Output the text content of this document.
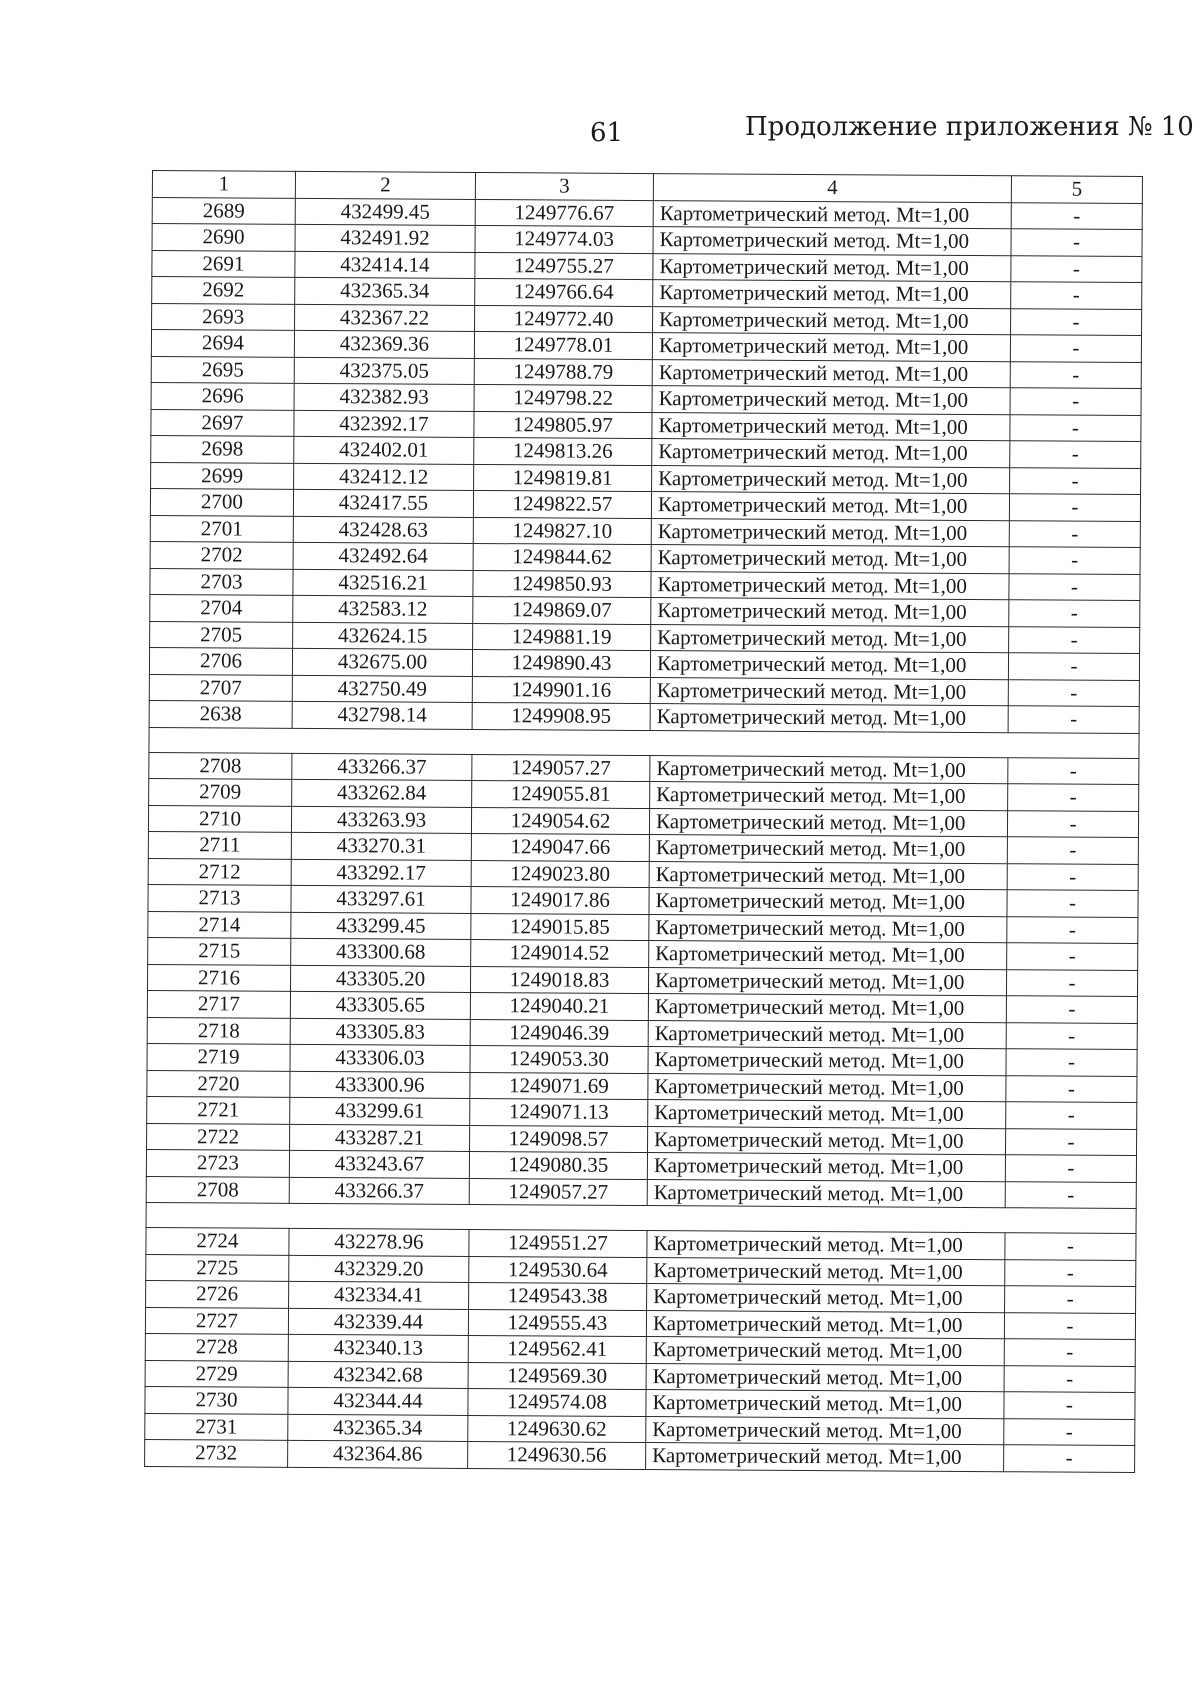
61	Продолжение приложения № 10
1	2	3	4	5
2689	432499.45	1249776.67	Картометрический метод. Mt=1,00	-
2690	432491.92	1249774.03	Картометрический метод. Mt=1,00	-
2691	432414.14	1249755.27	Картометрический метод. Mt=1,00	-
2692	432365.34	1249766.64	Картометрический метод. Mt=1,00	-
2693	432367.22	1249772.40	Картометрический метод. Mt=1,00	-
2694	432369.36	1249778.01	Картометрический метод. Mt=1,00	-
2695	432375.05	1249788.79	Картометрический метод. Mt=1,00	-
2696	432382.93	1249798.22	Картометрический метод. Mt=1,00	-
2697	432392.17	1249805.97	Картометрический метод. Mt=1,00	-
2698	432402.01	1249813.26	Картометрический метод. Mt=1,00	-
2699	432412.12	1249819.81	Картометрический метод. Mt=1,00	-
2700	432417.55	1249822.57	Картометрический метод. Mt=1,00	-
2701	432428.63	1249827.10	Картометрический метод. Mt=1,00	-
2702	432492.64	1249844.62	Картометрический метод. Mt=1,00	-
2703	432516.21	1249850.93	Картометрический метод. Mt=1,00	-
2704	432583.12	1249869.07	Картометрический метод. Mt=1,00	-
2705	432624.15	1249881.19	Картометрический метод. Mt=1,00	-
2706	432675.00	1249890.43	Картометрический метод. Mt=1,00	-
2707	432750.49	1249901.16	Картометрический метод. Mt=1,00	-
2638	432798.14	1249908.95	Картометрический метод. Mt=1,00	-

2708	433266.37	1249057.27	Картометрический метод. Mt=1,00	-
2709	433262.84	1249055.81	Картометрический метод. Mt=1,00	-
2710	433263.93	1249054.62	Картометрический метод. Mt=1,00	-
2711	433270.31	1249047.66	Картометрический метод. Mt=1,00	-
2712	433292.17	1249023.80	Картометрический метод. Mt=1,00	-
2713	433297.61	1249017.86	Картометрический метод. Mt=1,00	-
2714	433299.45	1249015.85	Картометрический метод. Mt=1,00	-
2715	433300.68	1249014.52	Картометрический метод. Mt=1,00	-
2716	433305.20	1249018.83	Картометрический метод. Mt=1,00	-
2717	433305.65	1249040.21	Картометрический метод. Mt=1,00	-
2718	433305.83	1249046.39	Картометрический метод. Mt=1,00	-
2719	433306.03	1249053.30	Картометрический метод. Mt=1,00	-
2720	433300.96	1249071.69	Картометрический метод. Mt=1,00	-
2721	433299.61	1249071.13	Картометрический метод. Mt=1,00	-
2722	433287.21	1249098.57	Картометрический метод. Mt=1,00	-
2723	433243.67	1249080.35	Картометрический метод. Mt=1,00	-
2708	433266.37	1249057.27	Картометрический метод. Mt=1,00	-

2724	432278.96	1249551.27	Картометрический метод. Mt=1,00	-
2725	432329.20	1249530.64	Картометрический метод. Mt=1,00	-
2726	432334.41	1249543.38	Картометрический метод. Mt=1,00	-
2727	432339.44	1249555.43	Картометрический метод. Mt=1,00	-
2728	432340.13	1249562.41	Картометрический метод. Mt=1,00	-
2729	432342.68	1249569.30	Картометрический метод. Mt=1,00	-
2730	432344.44	1249574.08	Картометрический метод. Mt=1,00	-
2731	432365.34	1249630.62	Картометрический метод. Mt=1,00	-
2732	432364.86	1249630.56	Картометрический метод. Mt=1,00	-
